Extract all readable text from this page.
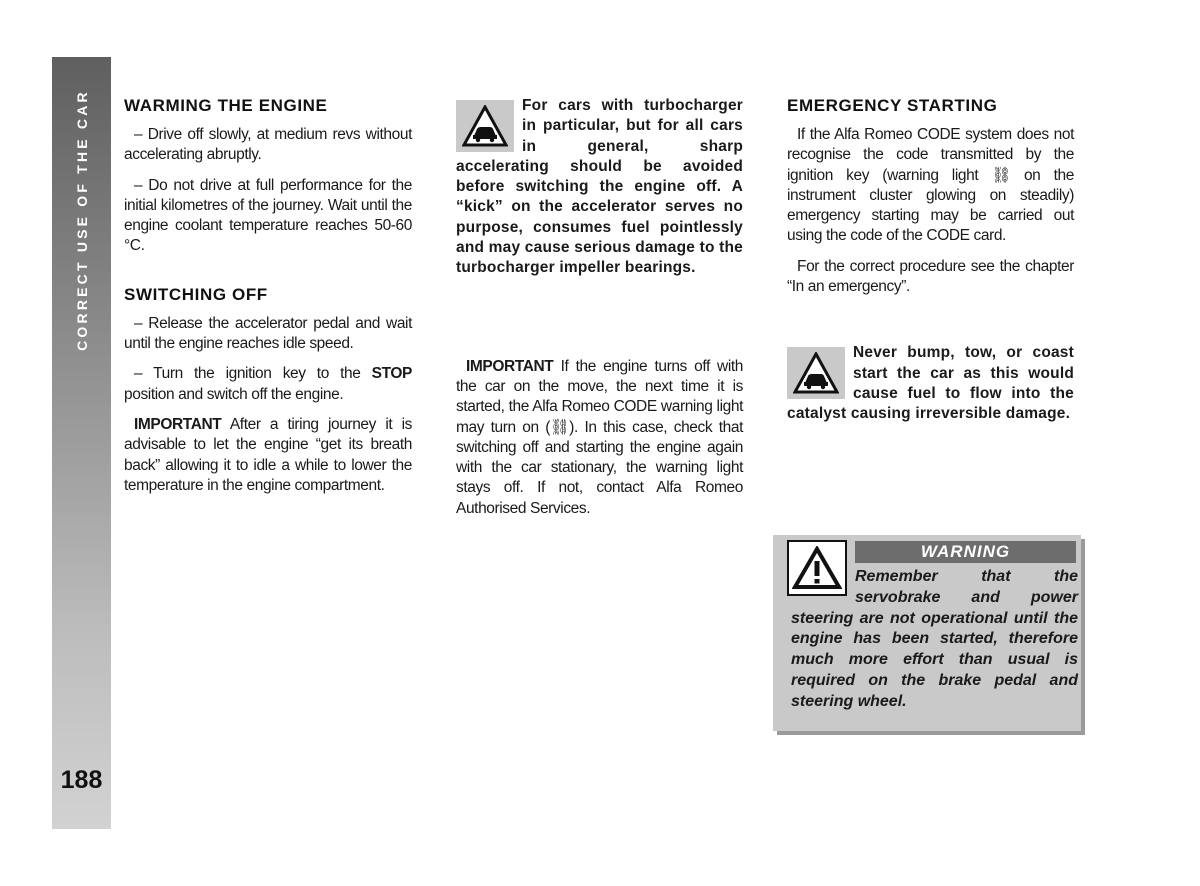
CORRECT USE OF THE CAR
188
WARMING THE ENGINE

– Drive off slowly, at medium revs without accelerating abruptly.

– Do not drive at full performance for the initial kilometres of the journey. Wait until the engine coolant temperature reaches 50-60 °C.

SWITCHING OFF

– Release the accelerator pedal and wait until the engine reaches idle speed.

– Turn the ignition key to the STOP position and switch off the engine.

IMPORTANT After a tiring journey it is advisable to let the engine “get its breath back” allowing it to idle a while to lower the temperature in the engine compartment.

For cars with turbocharger in particular, but for all cars in general, sharp accelerating should be avoided before switching the engine off. A “kick” on the accelerator serves no purpose, consumes fuel pointlessly and may cause serious damage to the turbocharger impeller bearings.

IMPORTANT If the engine turns off with the car on the move, the next time it is started, the Alfa Romeo CODE warning light may turn on (⛓). In this case, check that switching off and starting the engine again with the car stationary, the warning light stays off. If not, contact Alfa Romeo Authorised Services.

EMERGENCY STARTING

If the Alfa Romeo CODE system does not recognise the code transmitted by the ignition key (warning light ⛓ on the instrument cluster glowing on steadily) emergency starting may be carried out using the code of the CODE card.

For the correct procedure see the chapter “In an emergency”.

Never bump, tow, or coast start the car as this would cause fuel to flow into the catalyst causing irreversible damage.
WARNING
Remember that the servobrake and power steering are not operational until the engine has been started, therefore much more effort than usual is required on the brake pedal and steering wheel.
